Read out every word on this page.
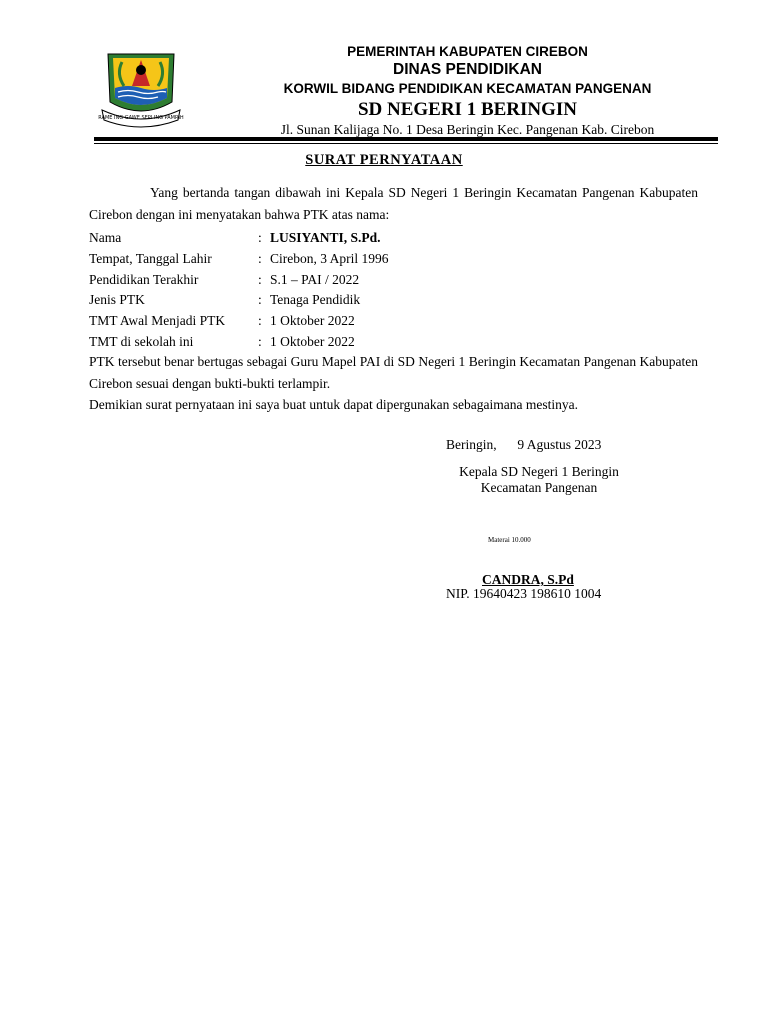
RAME ING GAWE SEPI ING PAMRIH
PEMERINTAH KABUPATEN CIREBON
DINAS PENDIDIKAN
KORWIL BIDANG PENDIDIKAN KECAMATAN PANGENAN
SD NEGERI 1 BERINGIN
Jl. Sunan Kalijaga No. 1 Desa Beringin Kec. Pangenan Kab. Cirebon
SURAT PERNYATAAN

Yang bertanda tangan dibawah ini Kepala SD Negeri 1 Beringin Kecamatan Pangenan Kabupaten Cirebon dengan ini menyatakan bahwa PTK atas nama:

Nama	: LUSIYANTI, S.Pd.
Tempat, Tanggal Lahir	: Cirebon, 3 April 1996
Pendidikan Terakhir	: S.1 – PAI / 2022
Jenis PTK	: Tenaga Pendidik
TMT Awal Menjadi PTK : 1 Oktober 2022
TMT di sekolah ini	: 1 Oktober 2022

PTK tersebut benar bertugas sebagai Guru Mapel PAI di SD Negeri 1 Beringin Kecamatan Pangenan Kabupaten Cirebon sesuai dengan bukti-bukti terlampir.

Demikian surat pernyataan ini saya buat untuk dapat dipergunakan sebagaimana mestinya.

Beringin, 9 Agustus 2023
Kepala SD Negeri 1 Beringin
Kecamatan Pangenan
Materai 10.000
CANDRA, S.Pd
NIP. 19640423 198610 1004
